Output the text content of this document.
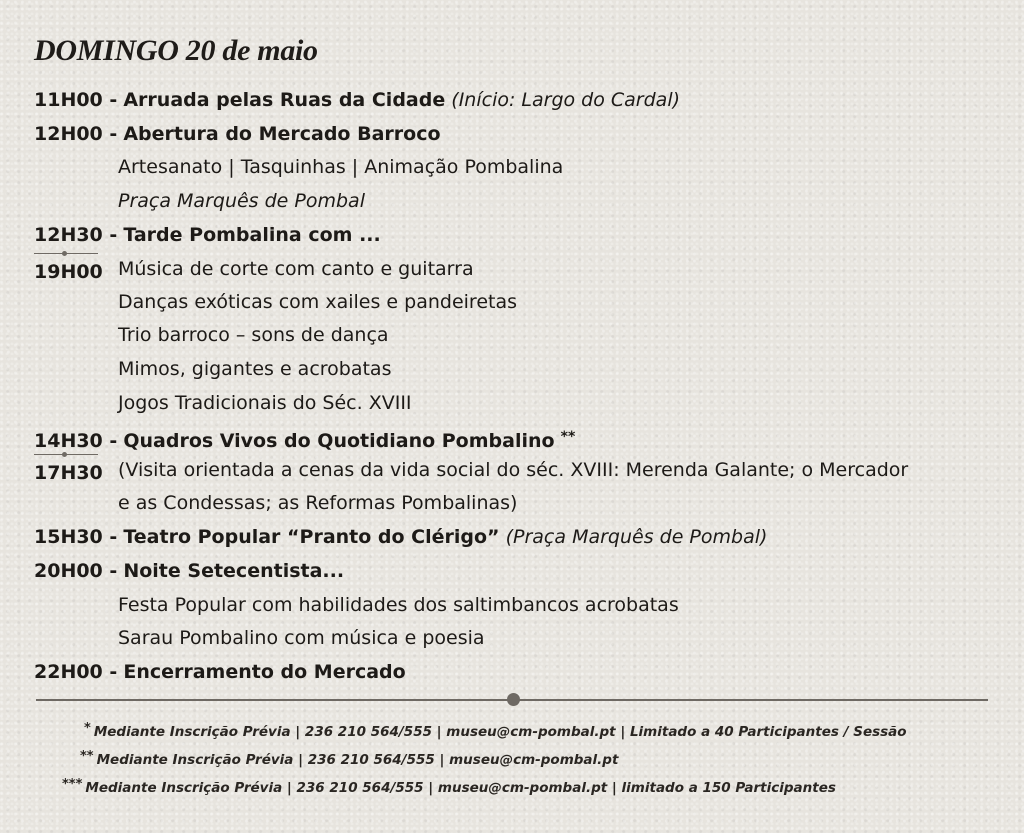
DOMINGO 20 de maio
11H00 - Arruada pelas Ruas da Cidade (Início: Largo do Cardal)
12H00 - Abertura do Mercado Barroco
Artesanato | Tasquinhas | Animação Pombalina
Praça Marquês de Pombal
12H30 - Tarde Pombalina com ...
19H00 Música de corte com canto e guitarra
Danças exóticas com xailes e pandeiretas
Trio barroco – sons de dança
Mimos, gigantes e acrobatas
Jogos Tradicionais do Séc. XVIII
14H30 - Quadros Vivos do Quotidiano Pombalino **
17H30 (Visita orientada a cenas da vida social do séc. XVIII: Merenda Galante; o Mercador
e as Condessas; as Reformas Pombalinas)
15H30 - Teatro Popular “Pranto do Clérigo” (Praça Marquês de Pombal)
20H00 - Noite Setecentista...
Festa Popular com habilidades dos saltimbancos acrobatas
Sarau Pombalino com música e poesia
22H00 - Encerramento do Mercado
* Mediante Inscrição Prévia | 236 210 564/555 | museu@cm-pombal.pt | Limitado a 40 Participantes / Sessão
** Mediante Inscrição Prévia | 236 210 564/555 | museu@cm-pombal.pt
*** Mediante Inscrição Prévia | 236 210 564/555 | museu@cm-pombal.pt | limitado a 150 Participantes
